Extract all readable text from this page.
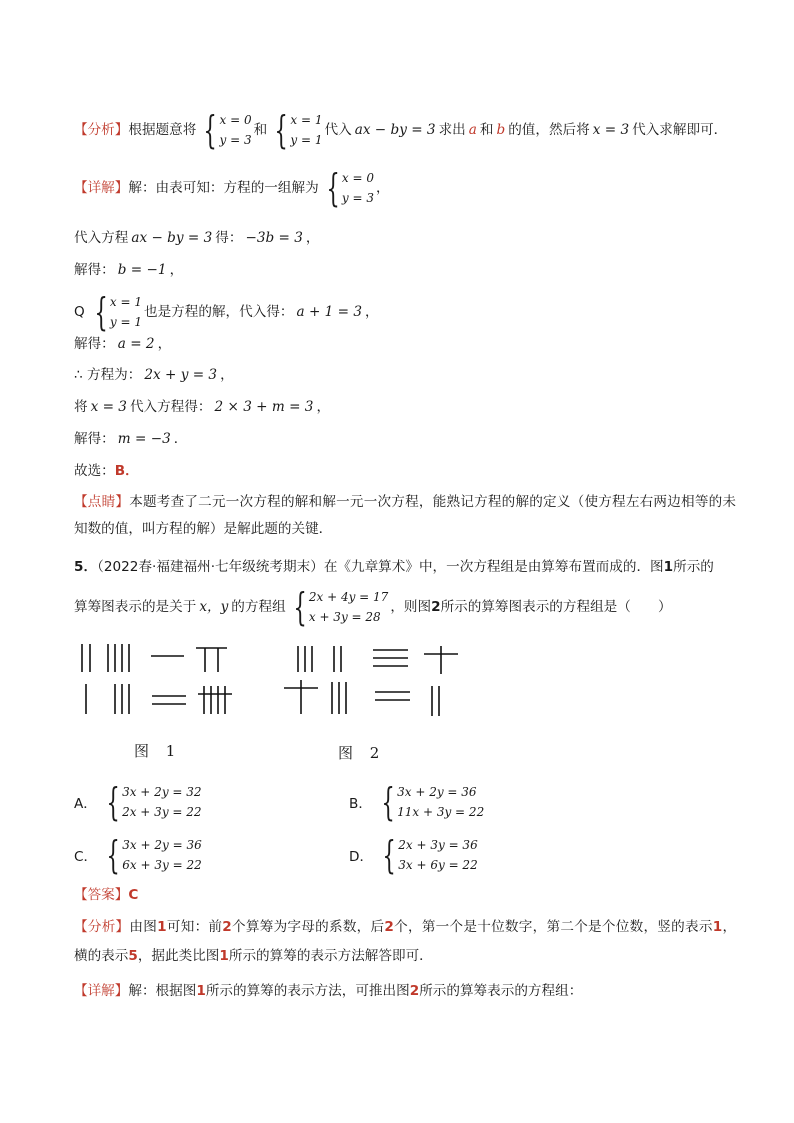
【分析】 根据题意将 { x = 0
y = 3
和 { x = 1
y = 1
代入 ax − by = 3 求出 a 和 b 的值，然后将 x = 3 代入求解即可．
【详解】 解：由表可知：方程的一组解为 { x = 0
y = 3
，
代入方程 ax − by = 3 得： −3b = 3 ，
解得： b = −1 ，
Q { x = 1
y = 1
也是方程的解，代入得： a + 1 = 3 ，
解得： a = 2 ，
∴ 方程为： 2x + y = 3 ，
将 x = 3 代入方程得： 2 × 3 + m = 3 ，
解得： m = −3 ．
故选： B．
【点睛】本题考查了二元一次方程的解和解一元一次方程，能熟记方程的解的定义（使方程左右两边相等的未知数的值，叫方程的解）是解此题的关键．
5．（2022春·福建福州·七年级统考期末）在《九章算术》中，一次方程组是由算筹布置而成的．图1所示的
算筹图表示的是关于 x，y 的方程组 { 2x + 4y = 17
x + 3y = 28
，则图 2 所示的算筹图表示的方程组是（　　）
图 1	图 2
A． { 3x + 2y = 32
2x + 3y = 22	B． { 3x + 2y = 36
11x + 3y = 22
C． { 3x + 2y = 36
6x + 3y = 22	D． { 2x + 3y = 36
3x + 6y = 22
【答案】 C
【分析】由图1可知：前2个算筹为字母的系数，后2个，第一个是十位数字，第二个是个位数，竖的表示1，横的表示5，据此类比图1所示的算筹的表示方法解答即可．
【详解】 解：根据图 1 所示的算筹的表示方法，可推出图 2 所示的算筹表示的方程组：
